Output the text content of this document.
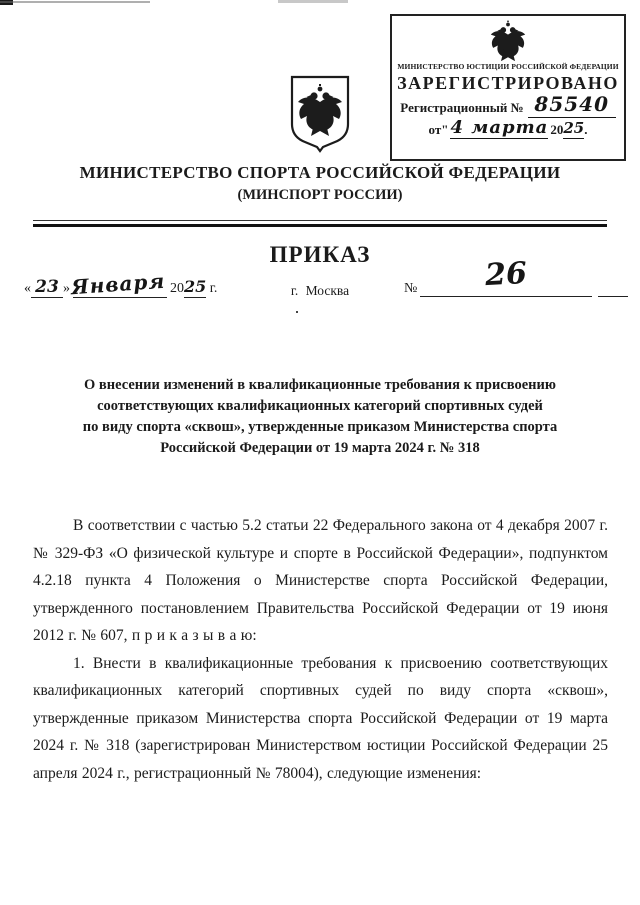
МИНИСТЕРСТВО ЮСТИЦИИ РОССИЙСКОЙ ФЕДЕРАЦИИ
ЗАРЕГИСТРИРОВАНО
Регистрационный № 85540
от " 4 марта 20 25 .
МИНИСТЕРСТВО СПОРТА РОССИЙСКОЙ ФЕДЕРАЦИИ
(МИНСПОРТ РОССИИ)
ПРИКАЗ
« 23 » Января 2025 г.	г. Москва	№	26
О внесении изменений в квалификационные требования к присвоению
соответствующих квалификационных категорий спортивных судей
по виду спорта «сквош», утвержденные приказом Министерства спорта
Российской Федерации от 19 марта 2024 г. № 318

В соответствии с частью 5.2 статьи 22 Федерального закона от 4 декабря 2007 г. № 329-ФЗ «О физической культуре и спорте в Российской Федерации», подпунктом 4.2.18 пункта 4 Положения о Министерстве спорта Российской Федерации, утвержденного постановлением Правительства Российской Федерации от 19 июня 2012 г. № 607, п р и к а з ы в а ю:

1. Внести в квалификационные требования к присвоению соответствующих квалификационных категорий спортивных судей по виду спорта «сквош», утвержденные приказом Министерства спорта Российской Федерации от 19 марта 2024 г. № 318 (зарегистрирован Министерством юстиции Российской Федерации 25 апреля 2024 г., регистрационный № 78004), следующие изменения:
